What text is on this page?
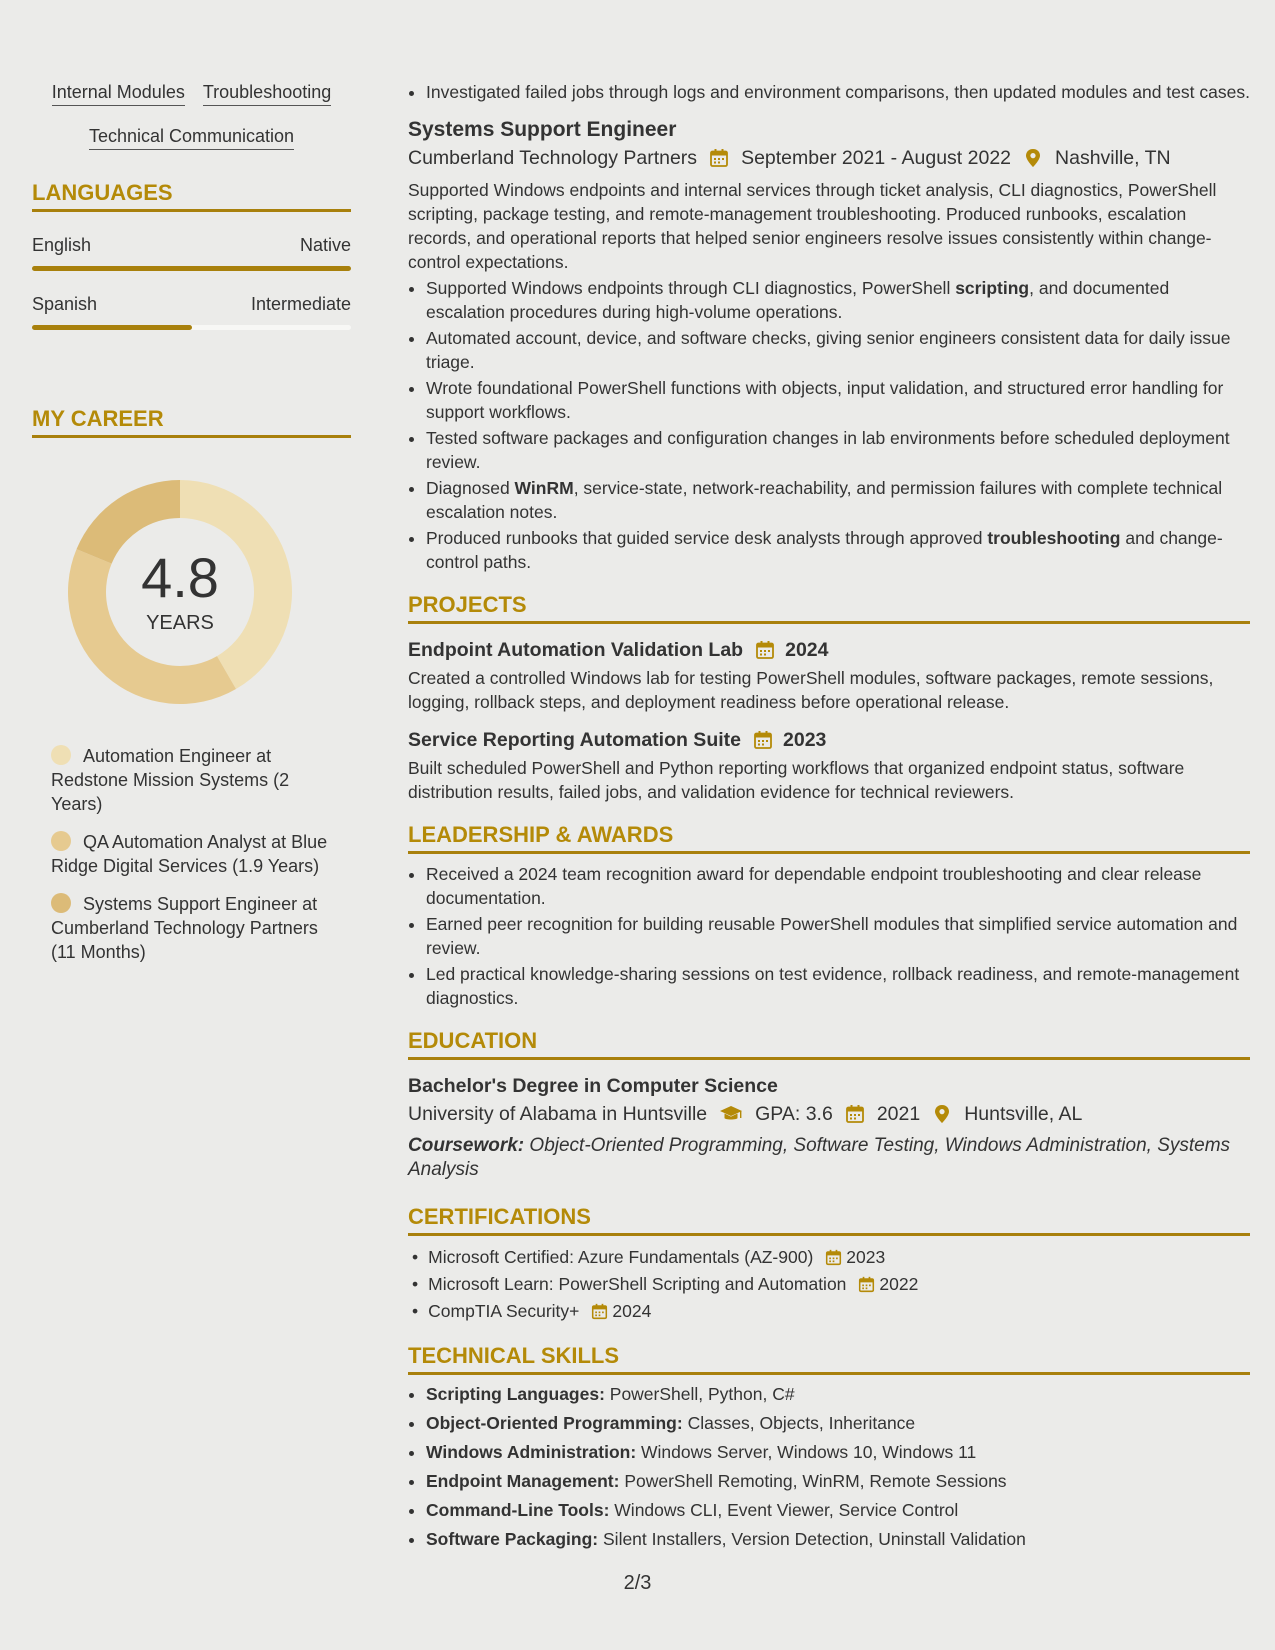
Internal Modules Troubleshooting
Technical Communication
LANGUAGES
English	Native
Spanish	Intermediate
MY CAREER
4.8
YEARS
Automation Engineer at Redstone Mission Systems (2 Years)
QA Automation Analyst at Blue Ridge Digital Services (1.9 Years)
Systems Support Engineer at Cumberland Technology Partners (11 Months)
• Investigated failed jobs through logs and environment comparisons, then updated modules and test cases.
Systems Support Engineer
Cumberland Technology Partners September 2021 - August 2022 Nashville, TN
Supported Windows endpoints and internal services through ticket analysis, CLI diagnostics, PowerShell scripting, package testing, and remote-management troubleshooting. Produced runbooks, escalation records, and operational reports that helped senior engineers resolve issues consistently within change-control expectations.
• Supported Windows endpoints through CLI diagnostics, PowerShell scripting, and documented escalation procedures during high-volume operations.
• Automated account, device, and software checks, giving senior engineers consistent data for daily issue triage.
• Wrote foundational PowerShell functions with objects, input validation, and structured error handling for support workflows.
• Tested software packages and configuration changes in lab environments before scheduled deployment review.
• Diagnosed WinRM, service-state, network-reachability, and permission failures with complete technical escalation notes.
• Produced runbooks that guided service desk analysts through approved troubleshooting and change-control paths.
PROJECTS
Endpoint Automation Validation Lab 2024
Created a controlled Windows lab for testing PowerShell modules, software packages, remote sessions, logging, rollback steps, and deployment readiness before operational release.
Service Reporting Automation Suite 2023
Built scheduled PowerShell and Python reporting workflows that organized endpoint status, software distribution results, failed jobs, and validation evidence for technical reviewers.
LEADERSHIP & AWARDS
• Received a 2024 team recognition award for dependable endpoint troubleshooting and clear release documentation.
• Earned peer recognition for building reusable PowerShell modules that simplified service automation and review.
• Led practical knowledge-sharing sessions on test evidence, rollback readiness, and remote-management diagnostics.
EDUCATION
Bachelor's Degree in Computer Science
University of Alabama in Huntsville GPA: 3.6 2021 Huntsville, AL
Coursework: Object-Oriented Programming, Software Testing, Windows Administration, Systems Analysis
CERTIFICATIONS
• Microsoft Certified: Azure Fundamentals (AZ-900) 2023
• Microsoft Learn: PowerShell Scripting and Automation 2022
• CompTIA Security+ 2024
TECHNICAL SKILLS
• Scripting Languages: PowerShell, Python, C#
• Object-Oriented Programming: Classes, Objects, Inheritance
• Windows Administration: Windows Server, Windows 10, Windows 11
• Endpoint Management: PowerShell Remoting, WinRM, Remote Sessions
• Command-Line Tools: Windows CLI, Event Viewer, Service Control
• Software Packaging: Silent Installers, Version Detection, Uninstall Validation
2/3
